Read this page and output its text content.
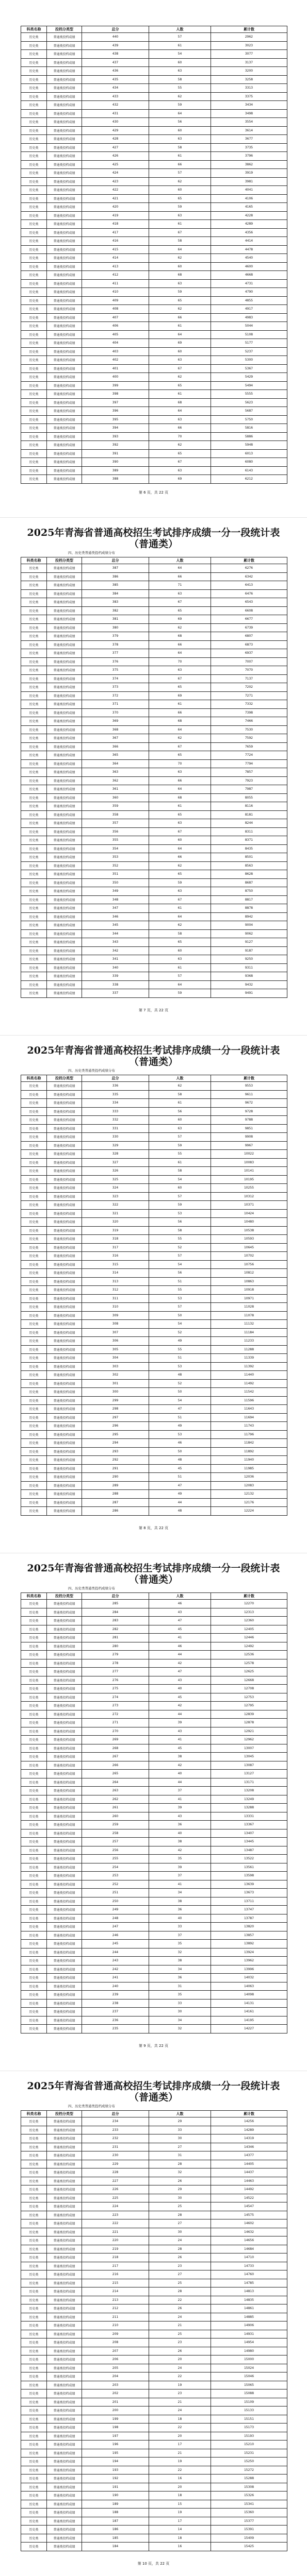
科类名称	投档分类型	总分	人数	累计数
历史类	普通类投档成绩	440	57	2962
历史类	普通类投档成绩	439	61	3023
历史类	普通类投档成绩	438	54	3077
历史类	普通类投档成绩	437	60	3137
历史类	普通类投档成绩	436	63	3200
历史类	普通类投档成绩	435	58	3258
历史类	普通类投档成绩	434	55	3313
历史类	普通类投档成绩	433	62	3375
历史类	普通类投档成绩	432	59	3434
历史类	普通类投档成绩	431	64	3498
历史类	普通类投档成绩	430	56	3554
历史类	普通类投档成绩	429	60	3614
历史类	普通类投档成绩	428	63	3677
历史类	普通类投档成绩	427	58	3735
历史类	普通类投档成绩	426	61	3796
历史类	普通类投档成绩	425	66	3862
历史类	普通类投档成绩	424	57	3919
历史类	普通类投档成绩	423	62	3981
历史类	普通类投档成绩	422	60	4041
历史类	普通类投档成绩	421	65	4106
历史类	普通类投档成绩	420	59	4165
历史类	普通类投档成绩	419	63	4228
历史类	普通类投档成绩	418	61	4289
历史类	普通类投档成绩	417	67	4356
历史类	普通类投档成绩	416	58	4414
历史类	普通类投档成绩	415	64	4478
历史类	普通类投档成绩	414	62	4540
历史类	普通类投档成绩	413	60	4600
历史类	普通类投档成绩	412	68	4668
历史类	普通类投档成绩	411	63	4731
历史类	普通类投档成绩	410	59	4790
历史类	普通类投档成绩	409	65	4855
历史类	普通类投档成绩	408	62	4917
历史类	普通类投档成绩	407	66	4983
历史类	普通类投档成绩	406	61	5044
历史类	普通类投档成绩	405	64	5108
历史类	普通类投档成绩	404	69	5177
历史类	普通类投档成绩	403	60	5237
历史类	普通类投档成绩	402	63	5300
历史类	普通类投档成绩	401	67	5367
历史类	普通类投档成绩	400	62	5429
历史类	普通类投档成绩	399	65	5494
历史类	普通类投档成绩	398	61	5555
历史类	普通类投档成绩	397	68	5623
历史类	普通类投档成绩	396	64	5687
历史类	普通类投档成绩	395	63	5750
历史类	普通类投档成绩	394	66	5816
历史类	普通类投档成绩	393	70	5886
历史类	普通类投档成绩	392	62	5948
历史类	普通类投档成绩	391	65	6013
历史类	普通类投档成绩	390	67	6080
历史类	普通类投档成绩	389	63	6143
历史类	普通类投档成绩	388	69	6212
第 6 页，共 22 页
2025年青海省普通高校招生考试排序成绩一分一段统计表
（普通类）
四、历史类普通类投档成绩分布
科类名称	投档分类型	总分	人数	累计数
历史类	普通类投档成绩	387	64	6276
历史类	普通类投档成绩	386	66	6342
历史类	普通类投档成绩	385	71	6413
历史类	普通类投档成绩	384	63	6476
历史类	普通类投档成绩	383	67	6543
历史类	普通类投档成绩	382	65	6608
历史类	普通类投档成绩	381	69	6677
历史类	普通类投档成绩	380	62	6739
历史类	普通类投档成绩	379	68	6807
历史类	普通类投档成绩	378	66	6873
历史类	普通类投档成绩	377	64	6937
历史类	普通类投档成绩	376	70	7007
历史类	普通类投档成绩	375	63	7070
历史类	普通类投档成绩	374	67	7137
历史类	普通类投档成绩	373	65	7202
历史类	普通类投档成绩	372	69	7271
历史类	普通类投档成绩	371	61	7332
历史类	普通类投档成绩	370	66	7398
历史类	普通类投档成绩	369	68	7466
历史类	普通类投档成绩	368	64	7530
历史类	普通类投档成绩	367	62	7592
历史类	普通类投档成绩	366	67	7659
历史类	普通类投档成绩	365	65	7724
历史类	普通类投档成绩	364	70	7794
历史类	普通类投档成绩	363	63	7857
历史类	普通类投档成绩	362	66	7923
历史类	普通类投档成绩	361	64	7987
历史类	普通类投档成绩	360	68	8055
历史类	普通类投档成绩	359	61	8116
历史类	普通类投档成绩	358	65	8181
历史类	普通类投档成绩	357	63	8244
历史类	普通类投档成绩	356	67	8311
历史类	普通类投档成绩	355	60	8371
历史类	普通类投档成绩	354	64	8435
历史类	普通类投档成绩	353	66	8501
历史类	普通类投档成绩	352	62	8563
历史类	普通类投档成绩	351	65	8628
历史类	普通类投档成绩	350	59	8687
历史类	普通类投档成绩	349	63	8750
历史类	普通类投档成绩	348	67	8817
历史类	普通类投档成绩	347	61	8878
历史类	普通类投档成绩	346	64	8942
历史类	普通类投档成绩	345	62	9004
历史类	普通类投档成绩	344	58	9062
历史类	普通类投档成绩	343	65	9127
历史类	普通类投档成绩	342	60	9187
历史类	普通类投档成绩	341	63	9250
历史类	普通类投档成绩	340	61	9311
历史类	普通类投档成绩	339	57	9368
历史类	普通类投档成绩	338	64	9432
历史类	普通类投档成绩	337	59	9491
第 7 页，共 22 页
2025年青海省普通高校招生考试排序成绩一分一段统计表
（普通类）
四、历史类普通类投档成绩分布
科类名称	投档分类型	总分	人数	累计数
历史类	普通类投档成绩	336	62	9553
历史类	普通类投档成绩	335	58	9611
历史类	普通类投档成绩	334	61	9672
历史类	普通类投档成绩	333	56	9728
历史类	普通类投档成绩	332	60	9788
历史类	普通类投档成绩	331	63	9851
历史类	普通类投档成绩	330	57	9908
历史类	普通类投档成绩	329	59	9967
历史类	普通类投档成绩	328	55	10022
历史类	普通类投档成绩	327	61	10083
历史类	普通类投档成绩	326	58	10141
历史类	普通类投档成绩	325	54	10195
历史类	普通类投档成绩	324	60	10255
历史类	普通类投档成绩	323	57	10312
历史类	普通类投档成绩	322	59	10371
历史类	普通类投档成绩	321	53	10424
历史类	普通类投档成绩	320	56	10480
历史类	普通类投档成绩	319	58	10538
历史类	普通类投档成绩	318	55	10593
历史类	普通类投档成绩	317	52	10645
历史类	普通类投档成绩	316	57	10702
历史类	普通类投档成绩	315	54	10756
历史类	普通类投档成绩	314	56	10812
历史类	普通类投档成绩	313	51	10863
历史类	普通类投档成绩	312	55	10918
历史类	普通类投档成绩	311	53	10971
历史类	普通类投档成绩	310	57	11028
历史类	普通类投档成绩	309	50	11078
历史类	普通类投档成绩	308	54	11132
历史类	普通类投档成绩	307	52	11184
历史类	普通类投档成绩	306	49	11233
历史类	普通类投档成绩	305	55	11288
历史类	普通类投档成绩	304	51	11339
历史类	普通类投档成绩	303	53	11392
历史类	普通类投档成绩	302	48	11440
历史类	普通类投档成绩	301	52	11492
历史类	普通类投档成绩	300	50	11542
历史类	普通类投档成绩	299	54	11596
历史类	普通类投档成绩	298	47	11643
历史类	普通类投档成绩	297	51	11694
历史类	普通类投档成绩	296	49	11743
历史类	普通类投档成绩	295	53	11796
历史类	普通类投档成绩	294	46	11842
历史类	普通类投档成绩	293	50	11892
历史类	普通类投档成绩	292	48	11940
历史类	普通类投档成绩	291	45	11985
历史类	普通类投档成绩	290	51	12036
历史类	普通类投档成绩	289	47	12083
历史类	普通类投档成绩	288	49	12132
历史类	普通类投档成绩	287	44	12176
历史类	普通类投档成绩	286	48	12224
第 8 页，共 22 页
2025年青海省普通高校招生考试排序成绩一分一段统计表
（普通类）
四、历史类普通类投档成绩分布
科类名称	投档分类型	总分	人数	累计数
历史类	普通类投档成绩	285	46	12270
历史类	普通类投档成绩	284	43	12313
历史类	普通类投档成绩	283	47	12360
历史类	普通类投档成绩	282	45	12405
历史类	普通类投档成绩	281	41	12446
历史类	普通类投档成绩	280	46	12492
历史类	普通类投档成绩	279	44	12536
历史类	普通类投档成绩	278	42	12578
历史类	普通类投档成绩	277	47	12625
历史类	普通类投档成绩	276	43	12668
历史类	普通类投档成绩	275	40	12708
历史类	普通类投档成绩	274	45	12753
历史类	普通类投档成绩	273	42	12795
历史类	普通类投档成绩	272	44	12839
历史类	普通类投档成绩	271	39	12878
历史类	普通类投档成绩	270	43	12921
历史类	普通类投档成绩	269	41	12962
历史类	普通类投档成绩	268	45	13007
历史类	普通类投档成绩	267	38	13045
历史类	普通类投档成绩	266	42	13087
历史类	普通类投档成绩	265	40	13127
历史类	普通类投档成绩	264	44	13171
历史类	普通类投档成绩	263	37	13208
历史类	普通类投档成绩	262	41	13249
历史类	普通类投档成绩	261	39	13288
历史类	普通类投档成绩	260	43	13331
历史类	普通类投档成绩	259	36	13367
历史类	普通类投档成绩	258	40	13407
历史类	普通类投档成绩	257	38	13445
历史类	普通类投档成绩	256	42	13487
历史类	普通类投档成绩	255	35	13522
历史类	普通类投档成绩	254	39	13561
历史类	普通类投档成绩	253	37	13598
历史类	普通类投档成绩	252	41	13639
历史类	普通类投档成绩	251	34	13673
历史类	普通类投档成绩	250	38	13711
历史类	普通类投档成绩	249	36	13747
历史类	普通类投档成绩	248	40	13787
历史类	普通类投档成绩	247	33	13820
历史类	普通类投档成绩	246	37	13857
历史类	普通类投档成绩	245	35	13892
历史类	普通类投档成绩	244	32	13924
历史类	普通类投档成绩	243	38	13962
历史类	普通类投档成绩	242	34	13996
历史类	普通类投档成绩	241	36	14032
历史类	普通类投档成绩	240	31	14063
历史类	普通类投档成绩	239	35	14098
历史类	普通类投档成绩	238	33	14131
历史类	普通类投档成绩	237	30	14161
历史类	普通类投档成绩	236	34	14195
历史类	普通类投档成绩	235	32	14227
第 9 页，共 22 页
2025年青海省普通高校招生考试排序成绩一分一段统计表
（普通类）
四、历史类普通类投档成绩分布
科类名称	投档分类型	总分	人数	累计数
历史类	普通类投档成绩	234	29	14256
历史类	普通类投档成绩	233	33	14289
历史类	普通类投档成绩	232	30	14319
历史类	普通类投档成绩	231	27	14346
历史类	普通类投档成绩	230	31	14377
历史类	普通类投档成绩	229	28	14405
历史类	普通类投档成绩	228	32	14437
历史类	普通类投档成绩	227	26	14463
历史类	普通类投档成绩	226	29	14492
历史类	普通类投档成绩	225	30	14522
历史类	普通类投档成绩	224	25	14547
历史类	普通类投档成绩	223	28	14575
历史类	普通类投档成绩	222	27	14602
历史类	普通类投档成绩	221	30	14632
历史类	普通类投档成绩	220	24	14656
历史类	普通类投档成绩	219	28	14684
历史类	普通类投档成绩	218	26	14710
历史类	普通类投档成绩	217	23	14733
历史类	普通类投档成绩	216	27	14760
历史类	普通类投档成绩	215	25	14785
历史类	普通类投档成绩	214	28	14813
历史类	普通类投档成绩	213	22	14835
历史类	普通类投档成绩	212	26	14861
历史类	普通类投档成绩	211	24	14885
历史类	普通类投档成绩	210	21	14906
历史类	普通类投档成绩	209	25	14931
历史类	普通类投档成绩	208	23	14954
历史类	普通类投档成绩	207	26	14980
历史类	普通类投档成绩	206	20	15000
历史类	普通类投档成绩	205	24	15024
历史类	普通类投档成绩	204	22	15046
历史类	普通类投档成绩	203	19	15065
历史类	普通类投档成绩	202	23	15088
历史类	普通类投档成绩	201	21	15109
历史类	普通类投档成绩	200	24	15133
历史类	普通类投档成绩	199	18	15151
历史类	普通类投档成绩	198	22	15173
历史类	普通类投档成绩	197	20	15193
历史类	普通类投档成绩	196	17	15210
历史类	普通类投档成绩	195	21	15231
历史类	普通类投档成绩	194	19	15250
历史类	普通类投档成绩	193	22	15272
历史类	普通类投档成绩	192	16	15288
历史类	普通类投档成绩	191	20	15308
历史类	普通类投档成绩	190	18	15326
历史类	普通类投档成绩	189	15	15341
历史类	普通类投档成绩	188	19	15360
历史类	普通类投档成绩	187	17	15377
历史类	普通类投档成绩	186	14	15391
历史类	普通类投档成绩	185	18	15409
历史类	普通类投档成绩	184	16	15425
第 10 页，共 22 页
